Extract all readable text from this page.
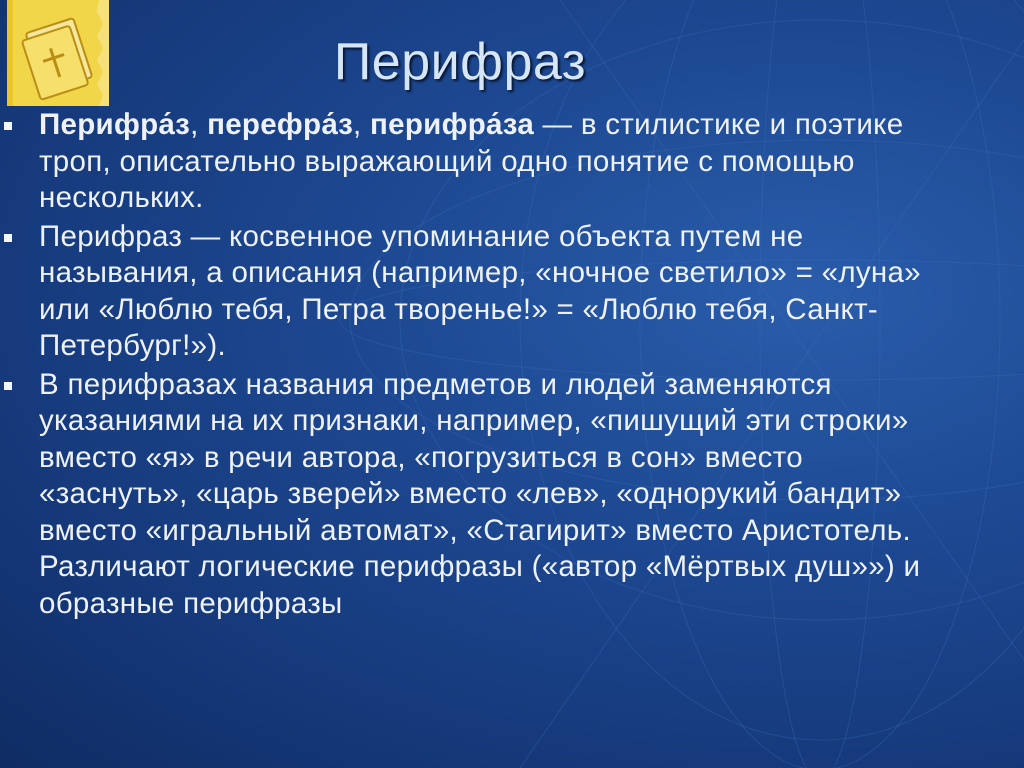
Перифраз
Перифра́з, перефра́з, перифра́за — в стилистике и поэтике троп, описательно выражающий одно понятие с помощью нескольких.
Перифраз — косвенное упоминание объекта путем не называния, а описания (например, «ночное светило» = «луна» или «Люблю тебя, Петра творенье!» = «Люблю тебя, Санкт-Петербург!»).
В перифразах названия предметов и людей заменяются указаниями на их признаки, например, «пишущий эти строки» вместо «я» в речи автора, «погрузиться в сон» вместо «заснуть», «царь зверей» вместо «лев», «однорукий бандит» вместо «игральный автомат», «Стагирит» вместо Аристотель. Различают логические перифразы («автор «Мёртвых душ»») и образные перифразы
